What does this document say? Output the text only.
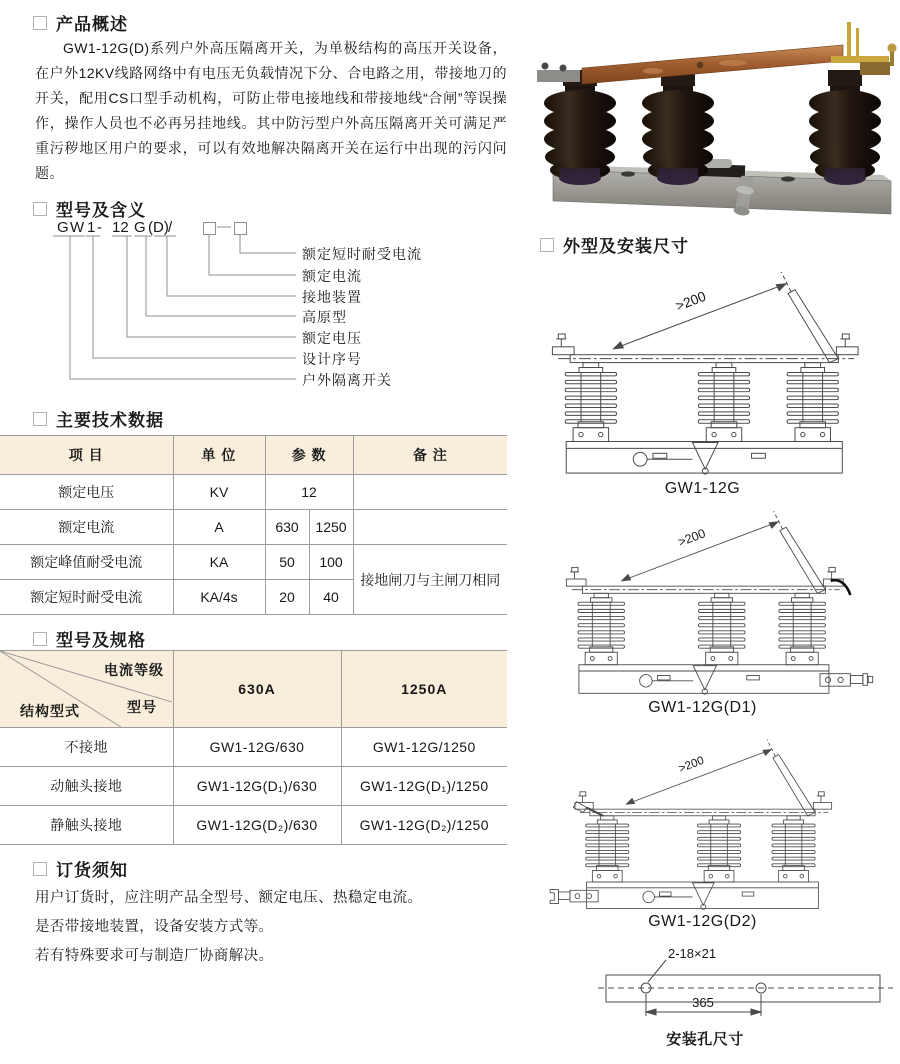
产品概述
GW1-12G(D)系列户外高压隔离开关，为单极结构的高压开关设备，在户外12KV线路网络中有电压无负载情况下分、合电路之用，带接地刀的开关，配用CS口型手动机构，可防止带电接地线和带接地线“合闸”等误操作，操作人员也不必再另挂地线。其中防污型户外高压隔离开关可满足严重污秽地区用户的要求，可以有效地解决隔离开关在运行中出现的污闪问题。
型号及含义
G W 1 - 12 G (D) /
额定短时耐受电流
额定电流
接地装置
高原型
额定电压
设计序号
户外隔离开关
主要技术数据
项 目	单 位	参 数		备 注
额定电压	KV	12		
额定电流	A	630	1250	
额定峰值耐受电流	KA	50	100	接地闸刀与主闸刀相同
额定短时耐受电流	KA/4s	20	40	
型号及规格
电流等级
型号
结构型式	630A	1250A
不接地	GW1-12G/630	GW1-12G/1250
动触头接地	GW1-12G(D₁)/630	GW1-12G(D₁)/1250
静触头接地	GW1-12G(D₂)/630	GW1-12G(D₂)/1250
订货须知
用户订货时，应注明产品全型号、额定电压、热稳定电流。
是否带接地装置，设备安装方式等。
若有特殊要求可与制造厂协商解决。
外型及安装尺寸
>200
GW1-12G
>200
GW1-12G(D1)
>200
GW1-12G(D2)
2-18×21
365
安装孔尺寸
